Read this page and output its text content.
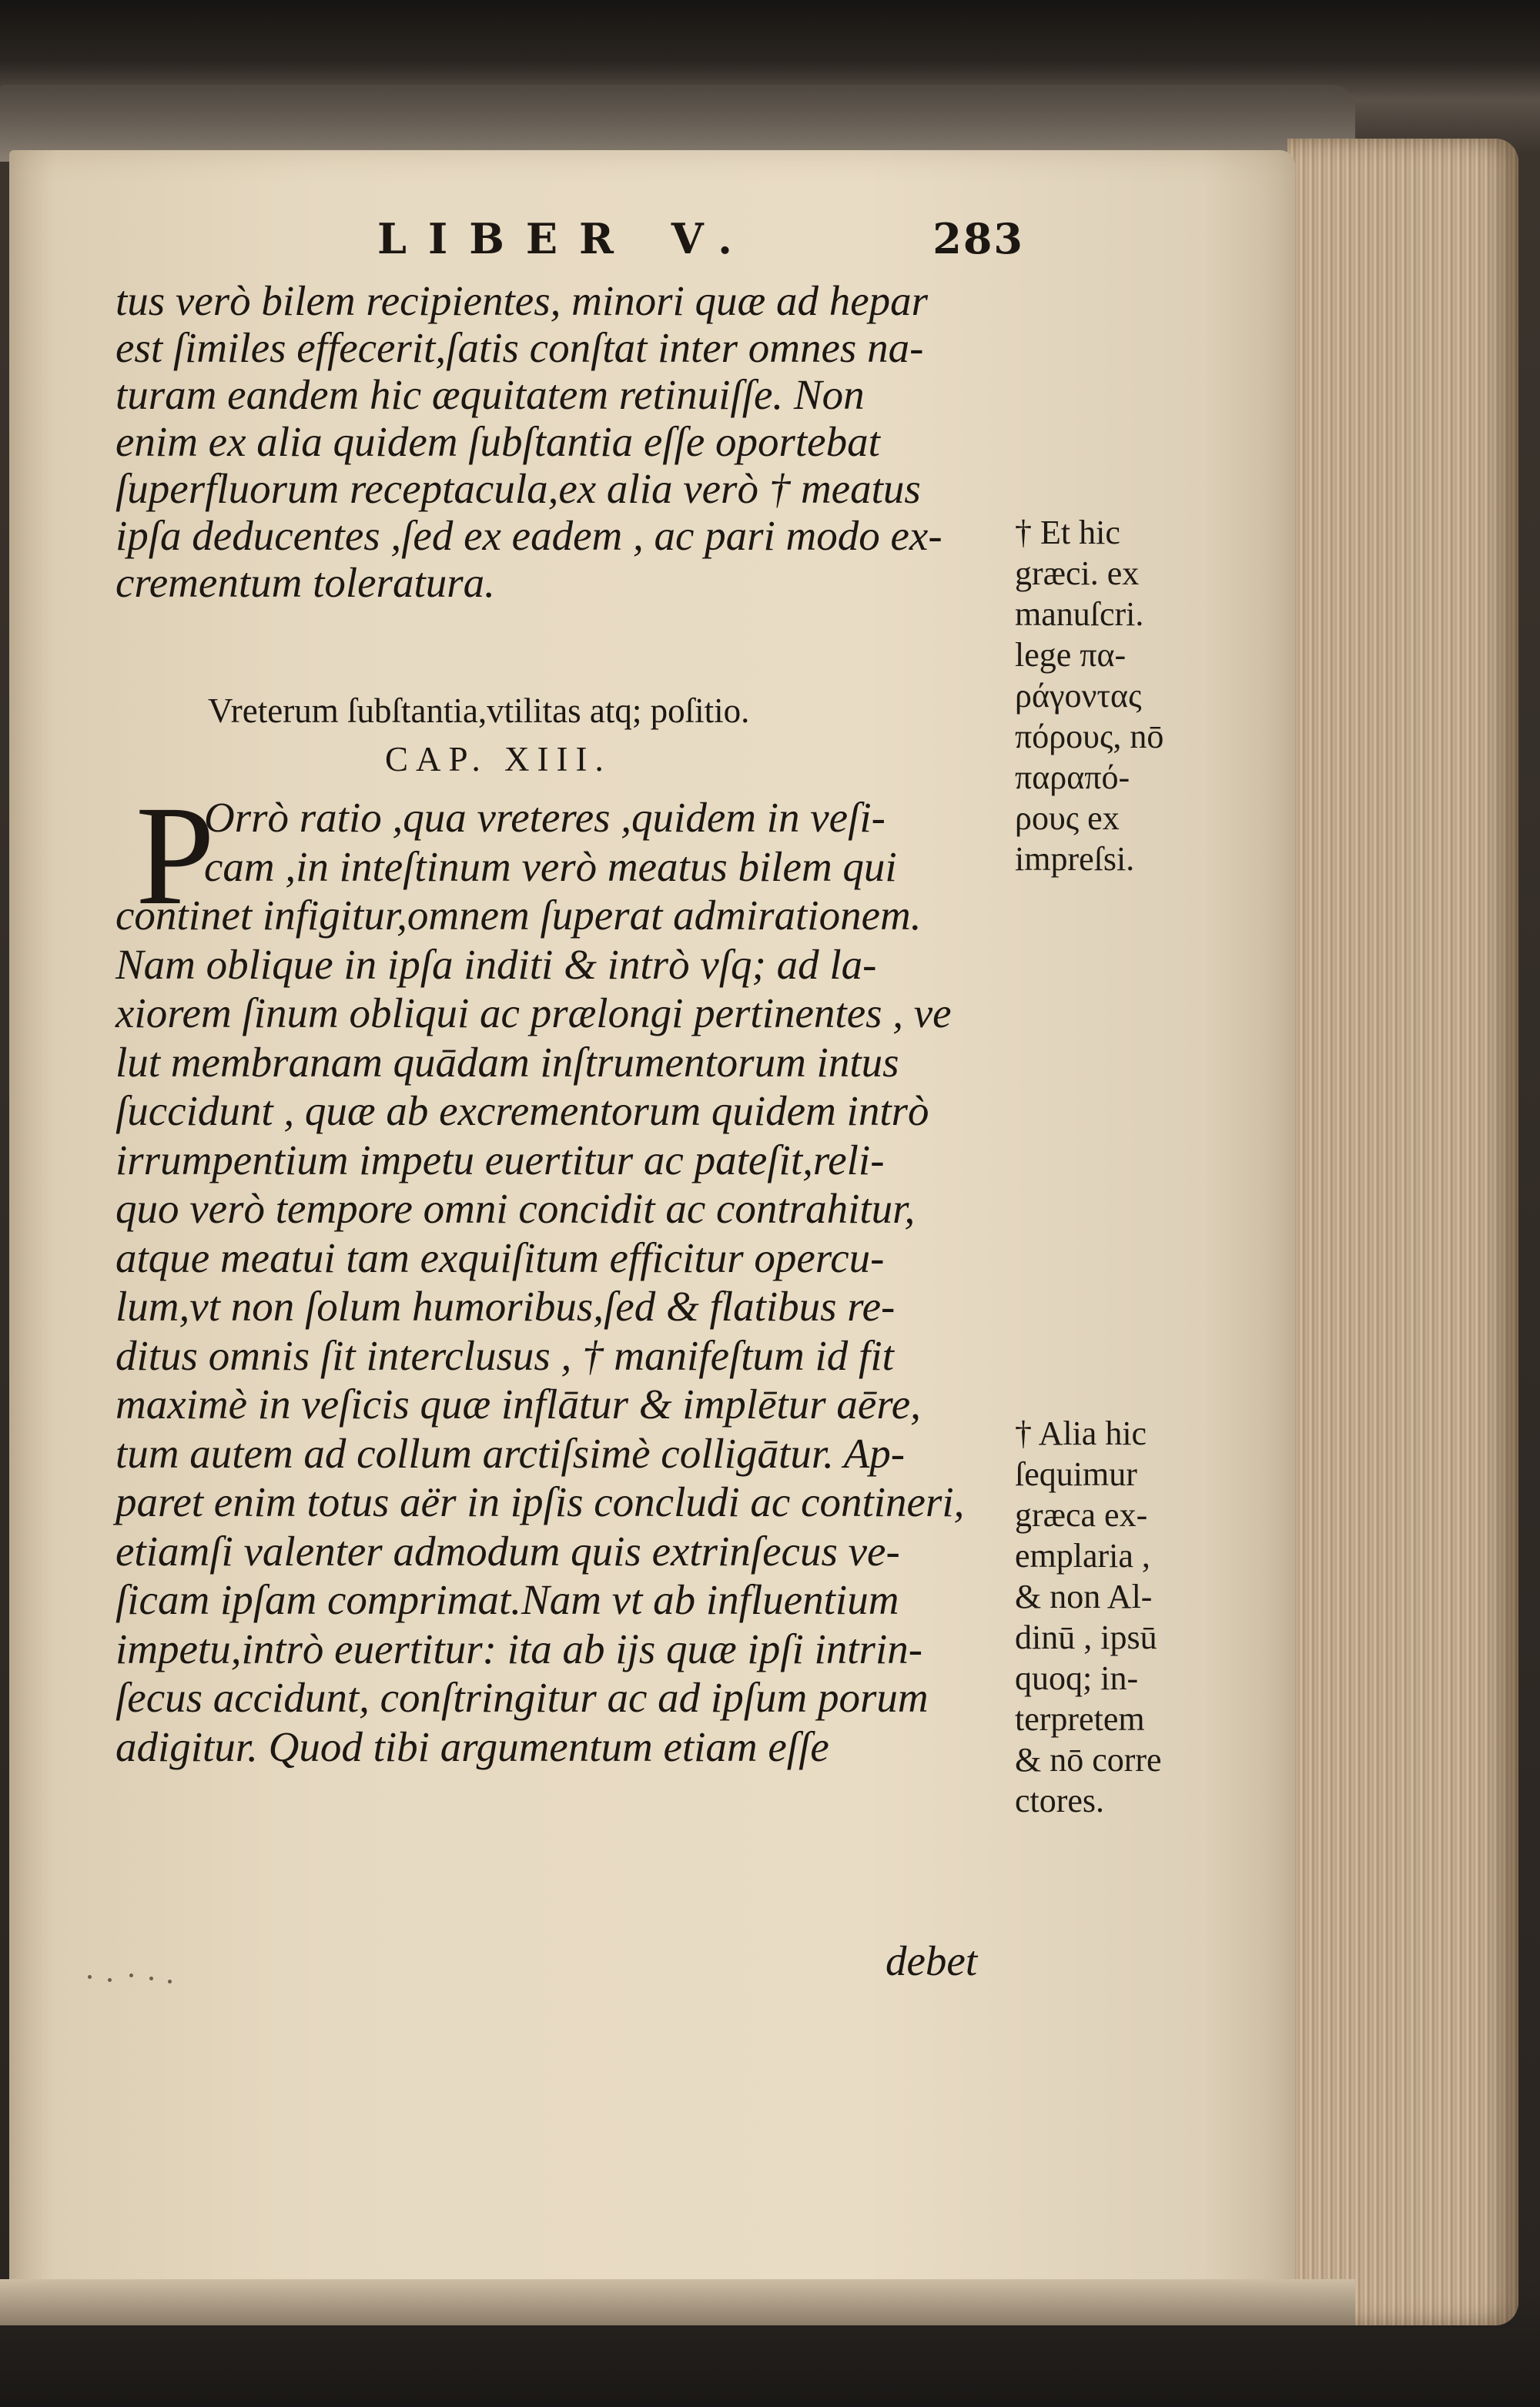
LIBER V.	283
tus verò bilem recipientes, minori quæ ad hepar
est ſimiles effecerit,ſatis conſtat inter omnes na-
turam eandem hic æquitatem retinuiſſe. Non
enim ex alia quidem ſubſtantia eſſe oportebat
ſuperfluorum receptacula,ex alia verò † meatus
ipſa deducentes ,ſed ex eadem , ac pari modo ex-
crementum toleratura.
Vreterum ſubſtantia,vtilitas atq; poſitio.
CAP. XIII.
P
Orrò ratio ,qua vreteres ,quidem in veſi-
cam ,in inteſtinum verò meatus bilem qui
continet infigitur,omnem ſuperat admirationem.
Nam oblique in ipſa inditi & intrò vſq; ad la-
xiorem ſinum obliqui ac prælongi pertinentes , ve
lut membranam quādam inſtrumentorum intus
ſuccidunt , quæ ab excrementorum quidem intrò
irrumpentium impetu euertitur ac pateſit,reli-
quo verò tempore omni concidit ac contrahitur,
atque meatui tam exquiſitum efficitur opercu-
lum,vt non ſolum humoribus,ſed & flatibus re-
ditus omnis ſit interclusus , † manifeſtum id fit
maximè in veſicis quæ inflātur & implētur aēre,
tum autem ad collum arctiſsimè colligātur. Ap-
paret enim totus aër in ipſis concludi ac contineri,
etiamſi valenter admodum quis extrinſecus ve-
ſicam ipſam comprimat.Nam vt ab influentium
impetu,intrò euertitur: ita ab ijs quæ ipſi intrin-
ſecus accidunt, conſtringitur ac ad ipſum porum
adigitur. Quod tibi argumentum etiam eſſe
debet
† Et hic
græci. ex
manuſcri.
lege πα-
ράγοντας
πόρους, nō
παραπό-
ρους ex
impreſsi.
† Alia hic
ſequimur
græca ex-
emplaria ,
& non Al-
dinū , ipsū
quoq; in-
terpretem
& nō corre
ctores.
